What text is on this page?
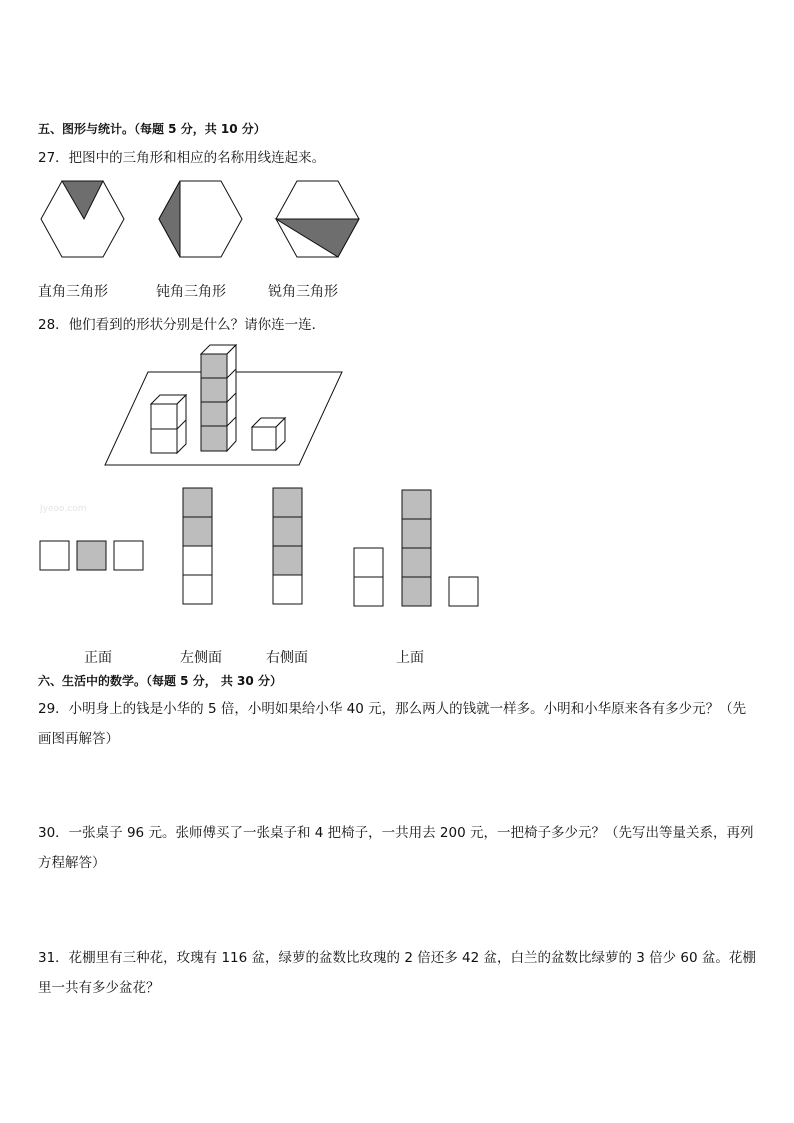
五、图形与统计。（每题 5 分，共 10 分）
27．把图中的三角形和相应的名称用线连起来。
直角三角形	钝角三角形	锐角三角形
28．他们看到的形状分别是什么？请你连一连．
Jyeoo.com
正面	左侧面	右侧面	上面
六、生活中的数学。（每题 5 分， 共 30 分）
29．小明身上的钱是小华的 5 倍，小明如果给小华 40 元，那么两人的钱就一样多。小明和小华原来各有多少元？（先
画图再解答）
30．一张桌子 96 元。张师傅买了一张桌子和 4 把椅子，一共用去 200 元，一把椅子多少元？（先写出等量关系，再列
方程解答）
31．花棚里有三种花，玫瑰有 116 盆，绿萝的盆数比玫瑰的 2 倍还多 42 盆，白兰的盆数比绿萝的 3 倍少 60 盆。花棚
里一共有多少盆花？
